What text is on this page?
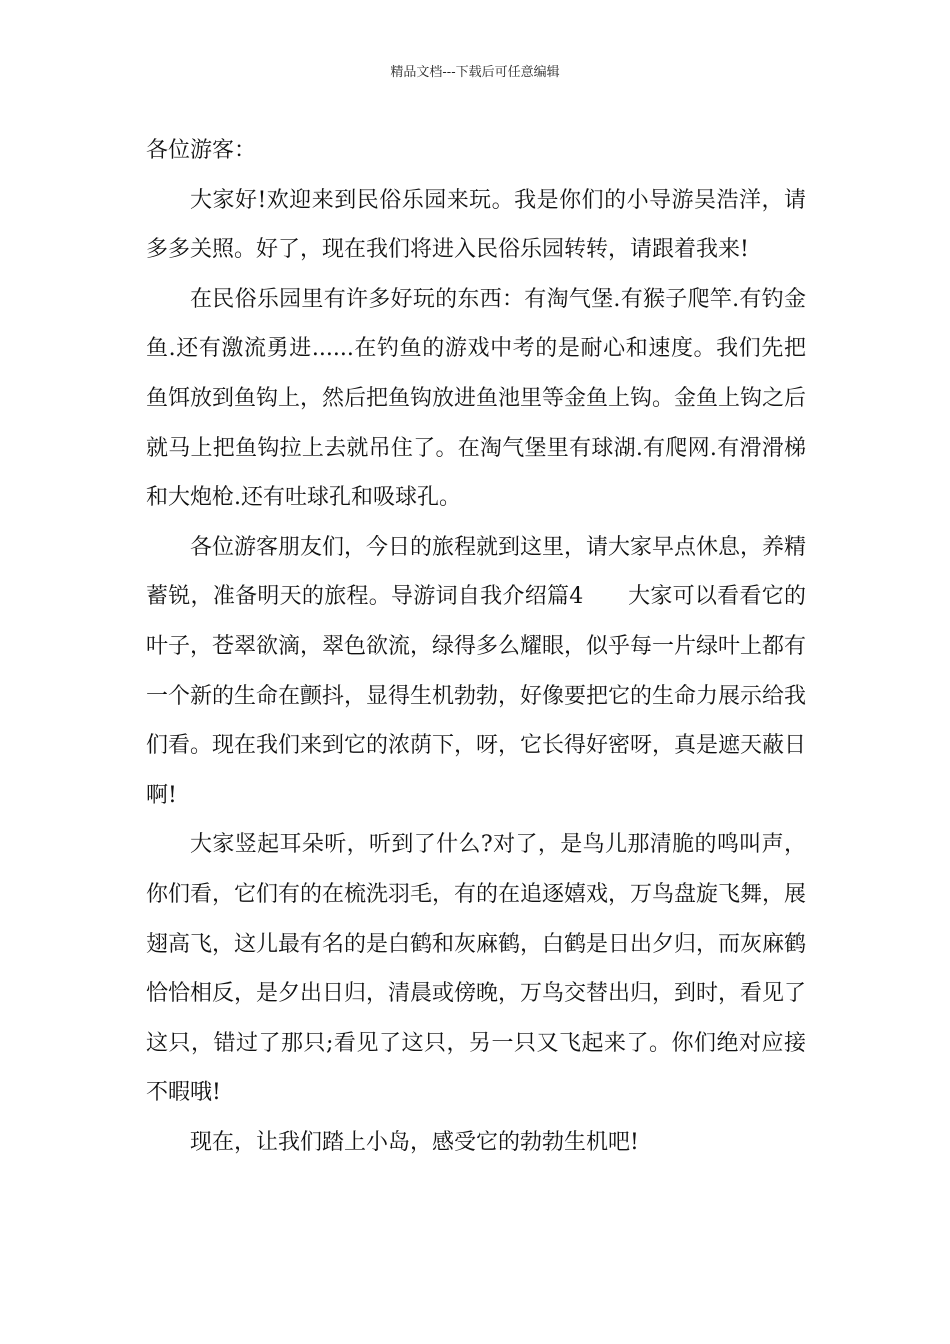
精品文档---下载后可任意编辑

各位游客：

大家好!欢迎来到民俗乐园来玩。我是你们的小导游吴浩洋，请多多关照。好了，现在我们将进入民俗乐园转转，请跟着我来!

在民俗乐园里有许多好玩的东西：有淘气堡.有猴子爬竿.有钓金鱼.还有激流勇进......在钓鱼的游戏中考的是耐心和速度。我们先把鱼饵放到鱼钩上，然后把鱼钩放进鱼池里等金鱼上钩。金鱼上钩之后就马上把鱼钩拉上去就吊住了。在淘气堡里有球湖.有爬网.有滑滑梯和大炮枪.还有吐球孔和吸球孔。

各位游客朋友们，今日的旅程就到这里，请大家早点休息，养精蓄锐，准备明天的旅程。导游词自我介绍篇4　　大家可以看看它的叶子，苍翠欲滴，翠色欲流，绿得多么耀眼，似乎每一片绿叶上都有一个新的生命在颤抖，显得生机勃勃，好像要把它的生命力展示给我们看。现在我们来到它的浓荫下，呀，它长得好密呀，真是遮天蔽日啊!

大家竖起耳朵听，听到了什么?对了，是鸟儿那清脆的鸣叫声，你们看，它们有的在梳洗羽毛，有的在追逐嬉戏，万鸟盘旋飞舞，展翅高飞，这儿最有名的是白鹤和灰麻鹤，白鹤是日出夕归，而灰麻鹤恰恰相反，是夕出日归，清晨或傍晚，万鸟交替出归，到时，看见了这只，错过了那只;看见了这只，另一只又飞起来了。你们绝对应接不暇哦!

现在，让我们踏上小岛，感受它的勃勃生机吧!
